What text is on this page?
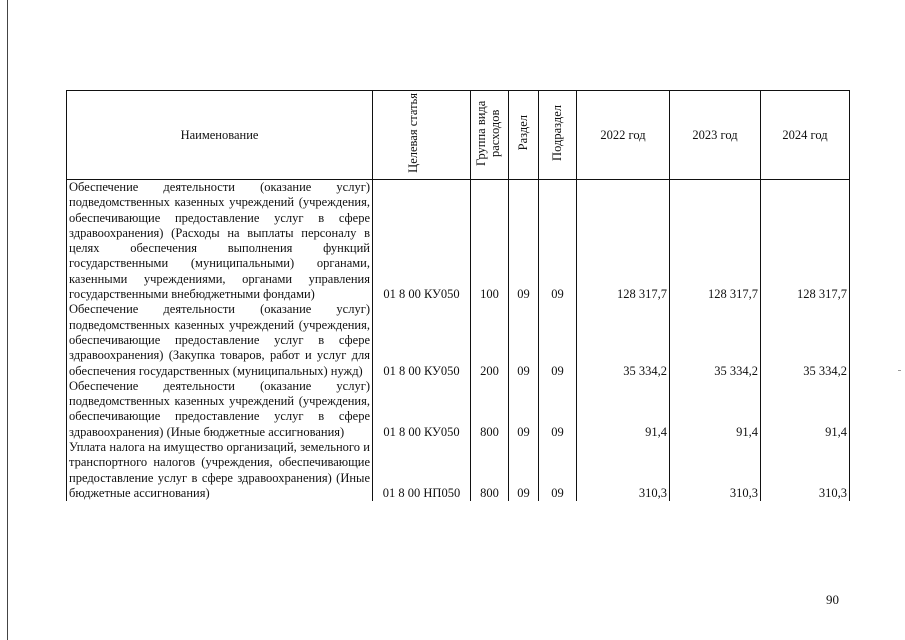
Наименование	Целевая статья	Группа вида расходов	Раздел	Подраздел	2022 год	2023 год	2024 год
Обеспечение деятельности (оказание услуг) подведомственных казенных учреждений (учреждения, обеспечивающие предоставление услуг в сфере здравоохранения) (Расходы на выплаты персоналу в целях обеспечения выполнения функций государственными (муниципальными) органами, казенными учреждениями, органами управления государственными внебюджетными фондами)	01 8 00 КУ050	100	09	09	128 317,7	128 317,7	128 317,7
Обеспечение деятельности (оказание услуг) подведомственных казенных учреждений (учреждения, обеспечивающие предоставление услуг в сфере здравоохранения) (Закупка товаров, работ и услуг для обеспечения государственных (муниципальных) нужд)	01 8 00 КУ050	200	09	09	35 334,2	35 334,2	35 334,2
Обеспечение деятельности (оказание услуг) подведомственных казенных учреждений (учреждения, обеспечивающие предоставление услуг в сфере здравоохранения) (Иные бюджетные ассигнования)	01 8 00 КУ050	800	09	09	91,4	91,4	91,4
Уплата налога на имущество организаций, земельного и транспортного налогов (учреждения, обеспечивающие предоставление услуг в сфере здравоохранения) (Иные бюджетные ассигнования)	01 8 00 НП050	800	09	09	310,3	310,3	310,3
90
